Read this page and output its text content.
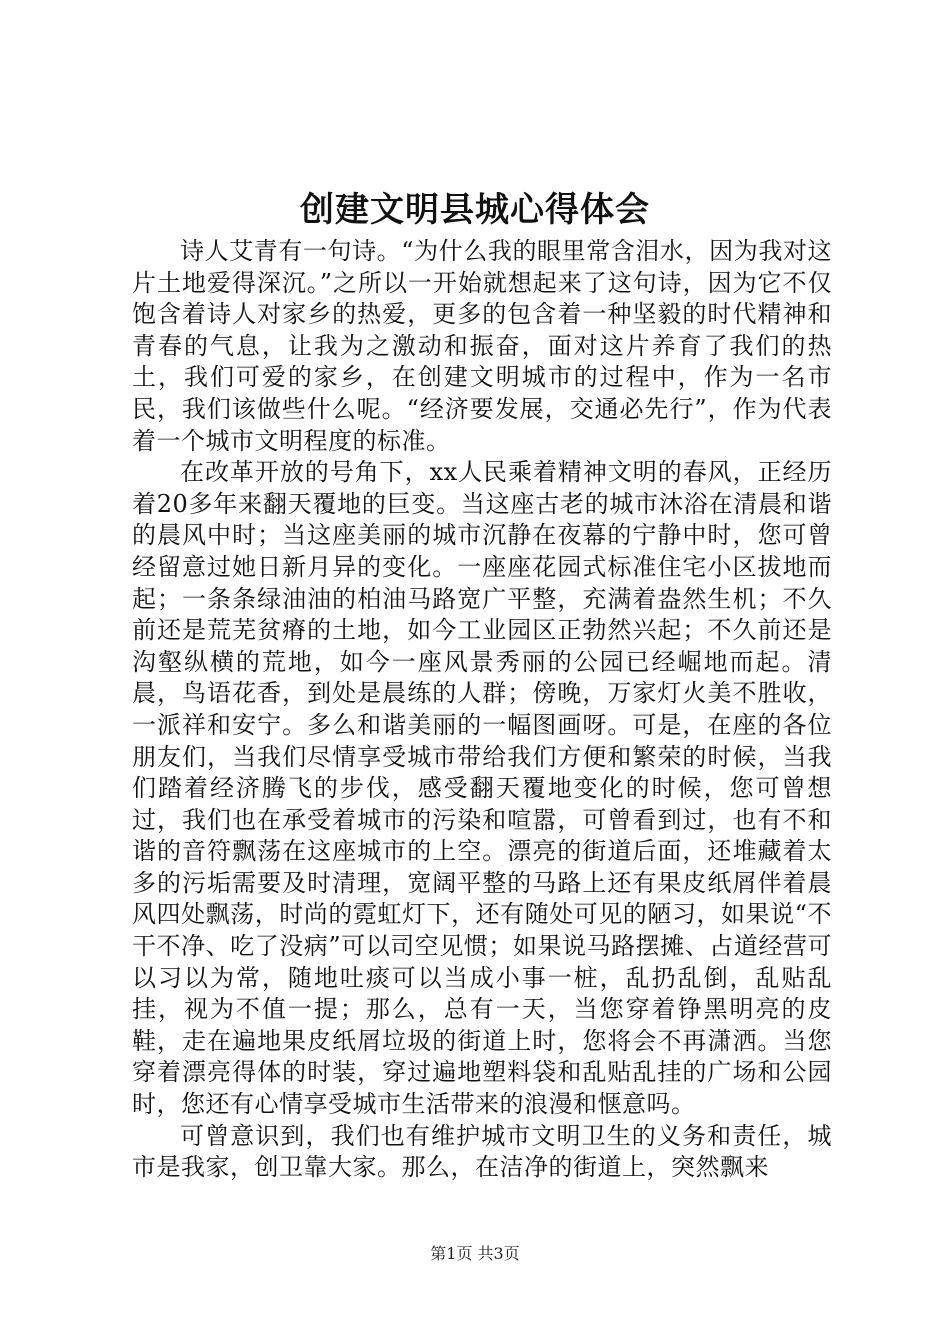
创建文明县城心得体会

诗人艾青有一句诗。“为什么我的眼里常含泪水，因为我对这片土地爱得深沉。”之所以一开始就想起来了这句诗，因为它不仅饱含着诗人对家乡的热爱，更多的包含着一种坚毅的时代精神和青春的气息，让我为之激动和振奋，面对这片养育了我们的热土，我们可爱的家乡，在创建文明城市的过程中，作为一名市民，我们该做些什么呢。“经济要发展，交通必先行”，作为代表着一个城市文明程度的标准。

在改革开放的号角下，xx人民乘着精神文明的春风，正经历着20多年来翻天覆地的巨变。当这座古老的城市沐浴在清晨和谐的晨风中时；当这座美丽的城市沉静在夜幕的宁静中时，您可曾经留意过她日新月异的变化。一座座花园式标准住宅小区拔地而起；一条条绿油油的柏油马路宽广平整，充满着盎然生机；不久前还是荒芜贫瘠的土地，如今工业园区正勃然兴起；不久前还是沟壑纵横的荒地，如今一座风景秀丽的公园已经崛地而起。清晨，鸟语花香，到处是晨练的人群；傍晚，万家灯火美不胜收，一派祥和安宁。多么和谐美丽的一幅图画呀。可是，在座的各位朋友们，当我们尽情享受城市带给我们方便和繁荣的时候，当我们踏着经济腾飞的步伐，感受翻天覆地变化的时候，您可曾想过，我们也在承受着城市的污染和喧嚣，可曾看到过，也有不和谐的音符飘荡在这座城市的上空。漂亮的街道后面，还堆藏着太多的污垢需要及时清理，宽阔平整的马路上还有果皮纸屑伴着晨风四处飘荡，时尚的霓虹灯下，还有随处可见的陋习，如果说“不干不净、吃了没病”可以司空见惯；如果说马路摆摊、占道经营可以习以为常，随地吐痰可以当成小事一桩，乱扔乱倒，乱贴乱挂，视为不值一提；那么，总有一天，当您穿着铮黑明亮的皮鞋，走在遍地果皮纸屑垃圾的街道上时，您将会不再潇洒。当您穿着漂亮得体的时装，穿过遍地塑料袋和乱贴乱挂的广场和公园时，您还有心情享受城市生活带来的浪漫和惬意吗。

可曾意识到，我们也有维护城市文明卫生的义务和责任，城市是我家，创卫靠大家。那么，在洁净的街道上，突然飘来

第1页 共3页
